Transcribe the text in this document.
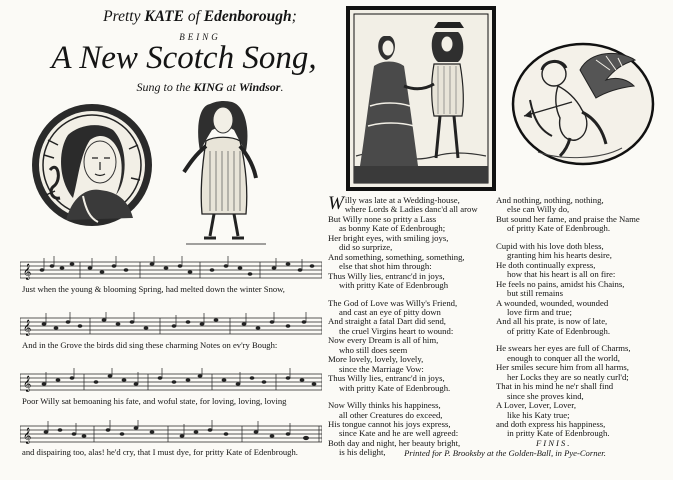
Pretty KATE of Edenborough;
BEING
A New Scotch Song,
Sung to the KING at Windsor.
𝄞
Just when the young & blooming Spring, had melted down the winter Snow,
𝄞
And in the Grove the birds did sing these charming Notes on ev'ry Bough:
𝄞
Poor Willy sat bemoaning his fate, and woful state, for loving, loving, loving
𝄞
and dispairing too, alas! he'd cry, that I must dye, for pritty Kate of Edenbrough.
Willy was late at a Wedding-house,
where Lords & Ladies danc'd all arow
But Willy none so pritty a Lass
as bonny Kate of Edenbrough;
Her bright eyes, with smiling joys,
did so surprize,
And something, something, something,
else that shot him through:
Thus Willy lies, entranc'd in joys,
with pritty Kate of Edenbrough
The God of Love was Willy's Friend,
and cast an eye of pitty down
And straight a fatal Dart did send,
the cruel Virgins heart to wound:
Now every Dream is all of him,
who still does seem
More lovely, lovely, lovely,
since the Marriage Vow:
Thus Willy lies, entranc'd in joys,
with pritty Kate of Edenbrough.
Now Willy thinks his happiness,
all other Creatures do exceed,
His tongue cannot his joys express,
since Kate and he are well agreed:
Both day and night, her beauty bright,
is his delight,
And nothing, nothing, nothing,
else can Willy do,
But sound her fame, and praise the Name
of pritty Kate of Edenbrough.
Cupid with his love doth bless,
granting him his hearts desire,
He doth continually express,
how that his heart is all on fire:
He feels no pains, amidst his Chains,
but still remains
A wounded, wounded, wounded
love firm and true;
And all his prate, is now of late,
of pritty Kate of Edenbrough.
He swears her eyes are full of Charms,
enough to conquer all the world,
Her smiles secure him from all harms,
her Locks they are so neatly curl'd;
That in his mind he ne'r shall find
since she proves kind,
A Lover, Lover, Lover,
like his Katy true;
and doth express his happiness,
in pritty Kate of Edenbrough.
FINIS.
Printed for P. Brooksby at the Golden-Ball, in Pye-Corner.
